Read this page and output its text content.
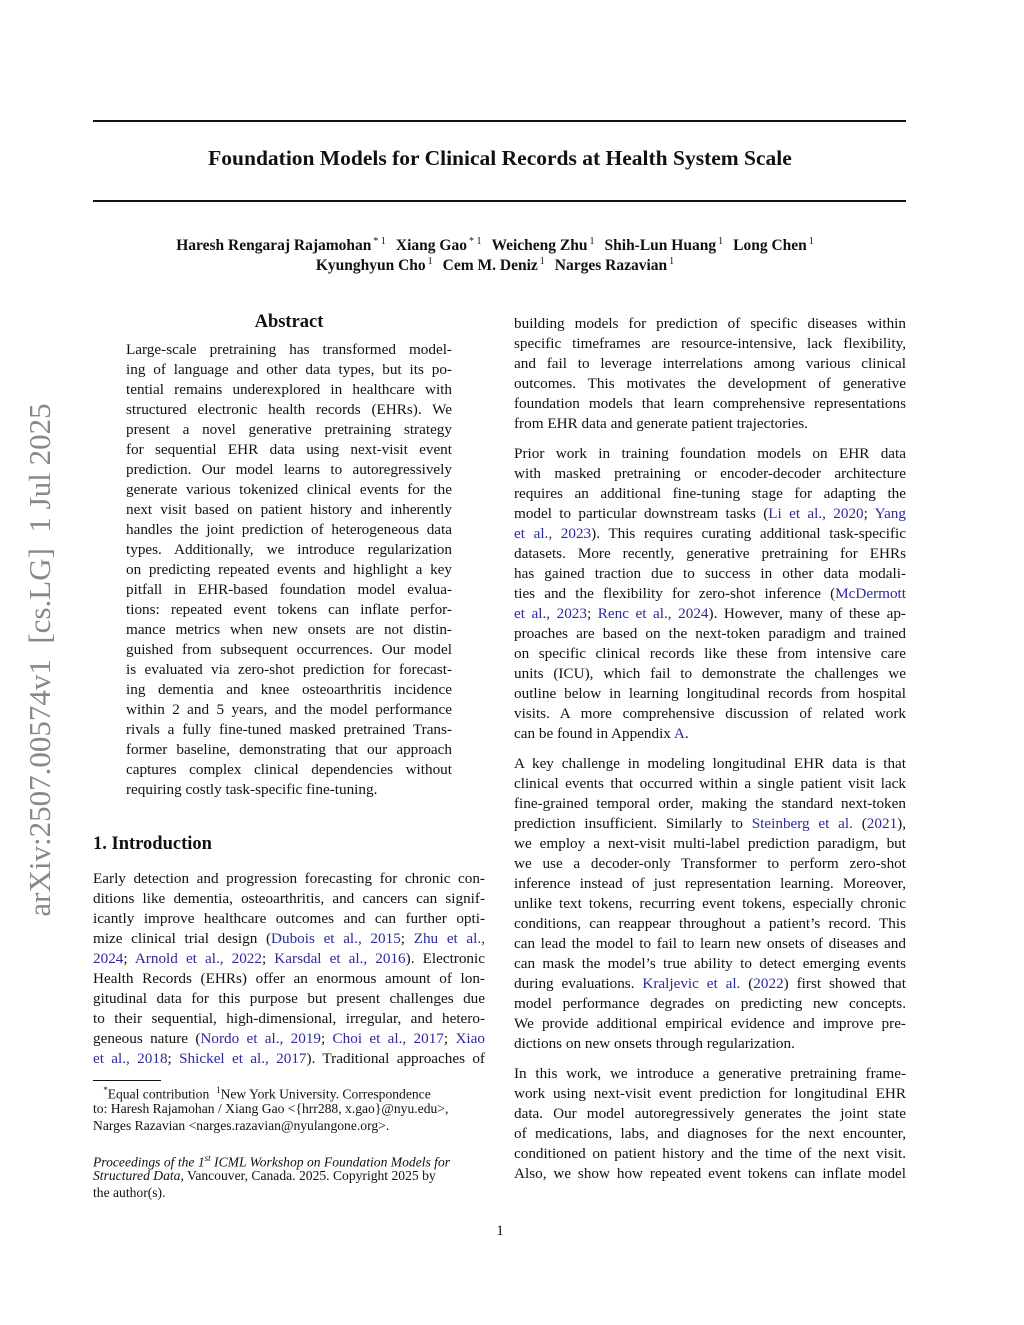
arXiv:2507.00574v1  [cs.LG]  1 Jul 2025
Foundation Models for Clinical Records at Health System Scale
Haresh Rengaraj Rajamohan $^{* 1}$ Xiang Gao $^{* 1}$ Weicheng Zhu $^1$ Shih-Lun Huang $^1$ Long Chen $^1$
Kyunghyun Cho $^1$ Cem M. Deniz $^1$ Narges Razavian $^1$
Abstract
Large-scale pretraining has transformed model-
ing of language and other data types, but its po-
tential remains underexplored in healthcare with
structured electronic health records (EHRs). We
present a novel generative pretraining strategy
for sequential EHR data using next-visit event
prediction. Our model learns to autoregressively
generate various tokenized clinical events for the
next visit based on patient history and inherently
handles the joint prediction of heterogeneous data
types. Additionally, we introduce regularization
on predicting repeated events and highlight a key
pitfall in EHR-based foundation model evalua-
tions: repeated event tokens can inflate perfor-
mance metrics when new onsets are not distin-
guished from subsequent occurrences. Our model
is evaluated via zero-shot prediction for forecast-
ing dementia and knee osteoarthritis incidence
within 2 and 5 years, and the model performance
rivals a fully fine-tuned masked pretrained Trans-
former baseline, demonstrating that our approach
captures complex clinical dependencies without
requiring costly task-specific fine-tuning.
1. Introduction
Early detection and progression forecasting for chronic con-
ditions like dementia, osteoarthritis, and cancers can signif-
icantly improve healthcare outcomes and can further opti-
mize clinical trial design (Dubois et al., 2015; Zhu et al.,
2024; Arnold et al., 2022; Karsdal et al., 2016). Electronic
Health Records (EHRs) offer an enormous amount of lon-
gitudinal data for this purpose but present challenges due
to their sequential, high-dimensional, irregular, and hetero-
geneous nature (Nordo et al., 2019; Choi et al., 2017; Xiao
et al., 2018; Shickel et al., 2017). Traditional approaches of
building models for prediction of specific diseases within
specific timeframes are resource-intensive, lack flexibility,
and fail to leverage interrelations among various clinical
outcomes. This motivates the development of generative
foundation models that learn comprehensive representations
from EHR data and generate patient trajectories.
Prior work in training foundation models on EHR data
with masked pretraining or encoder-decoder architecture
requires an additional fine-tuning stage for adapting the
model to particular downstream tasks (Li et al., 2020; Yang
et al., 2023). This requires curating additional task-specific
datasets. More recently, generative pretraining for EHRs
has gained traction due to success in other data modali-
ties and the flexibility for zero-shot inference (McDermott
et al., 2023; Renc et al., 2024). However, many of these ap-
proaches are based on the next-token paradigm and trained
on specific clinical records like these from intensive care
units (ICU), which fail to demonstrate the challenges we
outline below in learning longitudinal records from hospital
visits. A more comprehensive discussion of related work
can be found in Appendix A.
A key challenge in modeling longitudinal EHR data is that
clinical events that occurred within a single patient visit lack
fine-grained temporal order, making the standard next-token
prediction insufficient. Similarly to Steinberg et al. (2021),
we employ a next-visit multi-label prediction paradigm, but
we use a decoder-only Transformer to perform zero-shot
inference instead of just representation learning. Moreover,
unlike text tokens, recurring event tokens, especially chronic
conditions, can reappear throughout a patient’s record. This
can lead the model to fail to learn new onsets of diseases and
can mask the model’s true ability to detect emerging events
during evaluations. Kraljevic et al. (2022) first showed that
model performance degrades on predicting new concepts.
We provide additional empirical evidence and improve pre-
dictions on new onsets through regularization.
In this work, we introduce a generative pretraining frame-
work using next-visit event prediction for longitudinal EHR
data. Our model autoregressively generates the joint state
of medications, labs, and diagnoses for the next encounter,
conditioned on patient history and the time of the next visit.
Also, we show how repeated event tokens can inflate model
*Equal contribution $^1$New York University. Correspondence
to: Haresh Rajamohan / Xiang Gao <{hrr288, x.gao}@nyu.edu>,
Narges Razavian <narges.razavian@nyulangone.org>.
Proceedings of the 1st ICML Workshop on Foundation Models for
Structured Data, Vancouver, Canada. 2025. Copyright 2025 by
the author(s).
1
